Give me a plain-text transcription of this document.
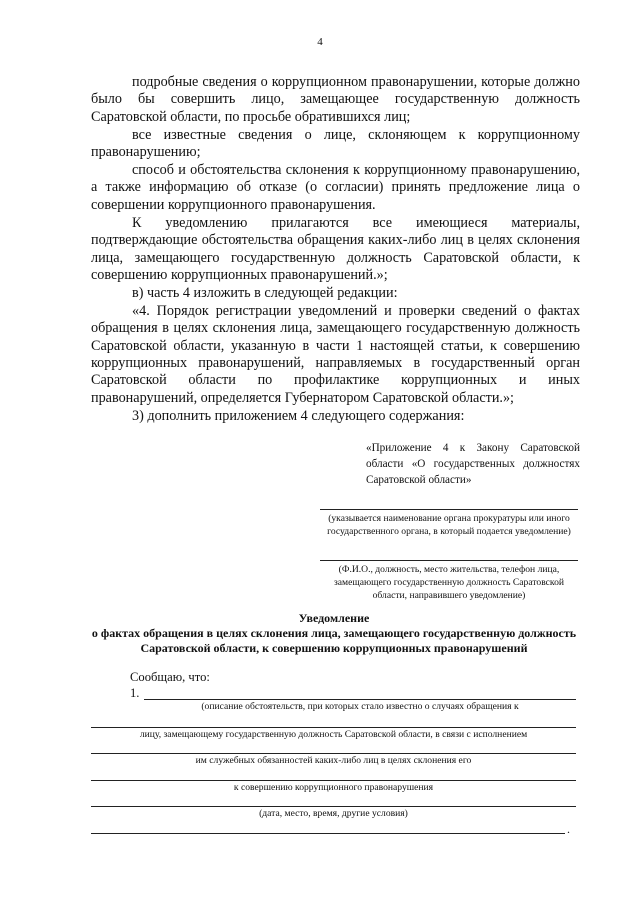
4

подробные сведения о коррупционном правонарушении, которые должно было бы совершить лицо, замещающее государственную должность Саратовской области, по просьбе обратившихся лиц;

все известные сведения о лице, склоняющем к коррупционному правонарушению;

способ и обстоятельства склонения к коррупционному правонарушению, а также информацию об отказе (о согласии) принять предложение лица о совершении коррупционного правонарушения.

К уведомлению прилагаются все имеющиеся материалы, подтверждающие обстоятельства обращения каких-либо лиц в целях склонения лица, замещающего государственную должность Саратовской области, к совершению коррупционных правонарушений.»;

в) часть 4 изложить в следующей редакции:

«4. Порядок регистрации уведомлений и проверки сведений о фактах обращения в целях склонения лица, замещающего государственную должность Саратовской области, указанную в части 1 настоящей статьи, к совершению коррупционных правонарушений, направляемых в государственный орган Саратовской области по профилактике коррупционных и иных правонарушений, определяется Губернатором Саратовской области.»;

3) дополнить приложением 4 следующего содержания:

«Приложение 4 к Закону Саратовской области «О государственных должностях Саратовской области»
(указывается наименование органа прокуратуры или иного государственного органа, в который подается уведомление)
(Ф.И.О., должность, место жительства, телефон лица, замещающего государственную должность Саратовской области, направившего уведомление)
Уведомление
о фактах обращения в целях склонения лица, замещающего государственную должность Саратовской области, к совершению коррупционных правонарушений
Сообщаю, что:
1.
(описание обстоятельств, при которых стало известно о случаях обращения к
лицу, замещающему государственную должность Саратовской области, в связи с исполнением
им служебных обязанностей каких-либо лиц в целях склонения его
к совершению коррупционного правонарушения
(дата, место, время, другие условия)
.
